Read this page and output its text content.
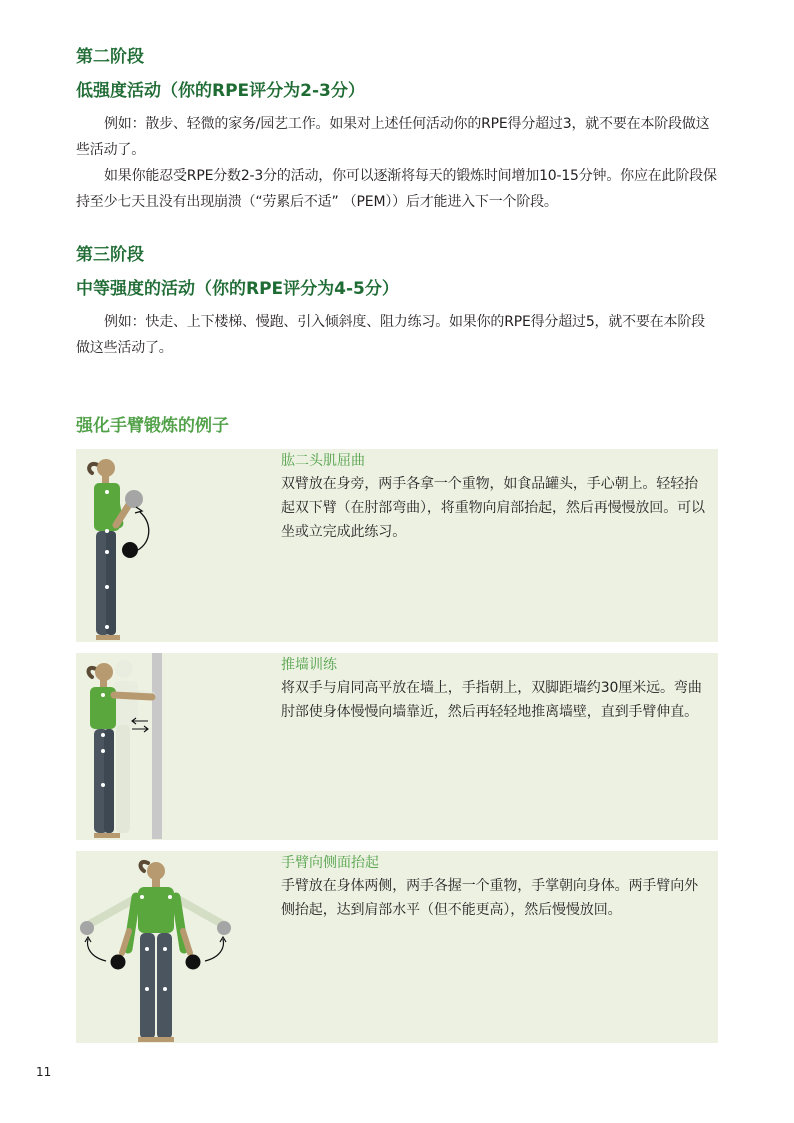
第二阶段
低强度活动（你的RPE评分为2-3分）

例如：散步、轻微的家务/园艺工作。如果对上述任何活动你的RPE得分超过3，就不要在本阶段做这些活动了。

如果你能忍受RPE分数2-3分的活动，你可以逐渐将每天的锻炼时间增加10-15分钟。你应在此阶段保持至少七天且没有出现崩溃（“劳累后不适” （PEM））后才能进入下一个阶段。

第三阶段
中等强度的活动（你的RPE评分为4-5分）

例如：快走、上下楼梯、慢跑、引入倾斜度、阻力练习。如果你的RPE得分超过5，就不要在本阶段做这些活动了。

强化手臂锻炼的例子

肱二头肌屈曲

双臂放在身旁，两手各拿一个重物，如食品罐头，手心朝上。轻轻抬起双下臂（在肘部弯曲），将重物向肩部抬起，然后再慢慢放回。可以坐或立完成此练习。

推墙训练

将双手与肩同高平放在墙上，手指朝上，双脚距墙约30厘米远。弯曲肘部使身体慢慢向墙靠近，然后再轻轻地推离墙壁，直到手臂伸直。

手臂向侧面抬起

手臂放在身体两侧，两手各握一个重物，手掌朝向身体。两手臂向外侧抬起，达到肩部水平（但不能更高），然后慢慢放回。

11
